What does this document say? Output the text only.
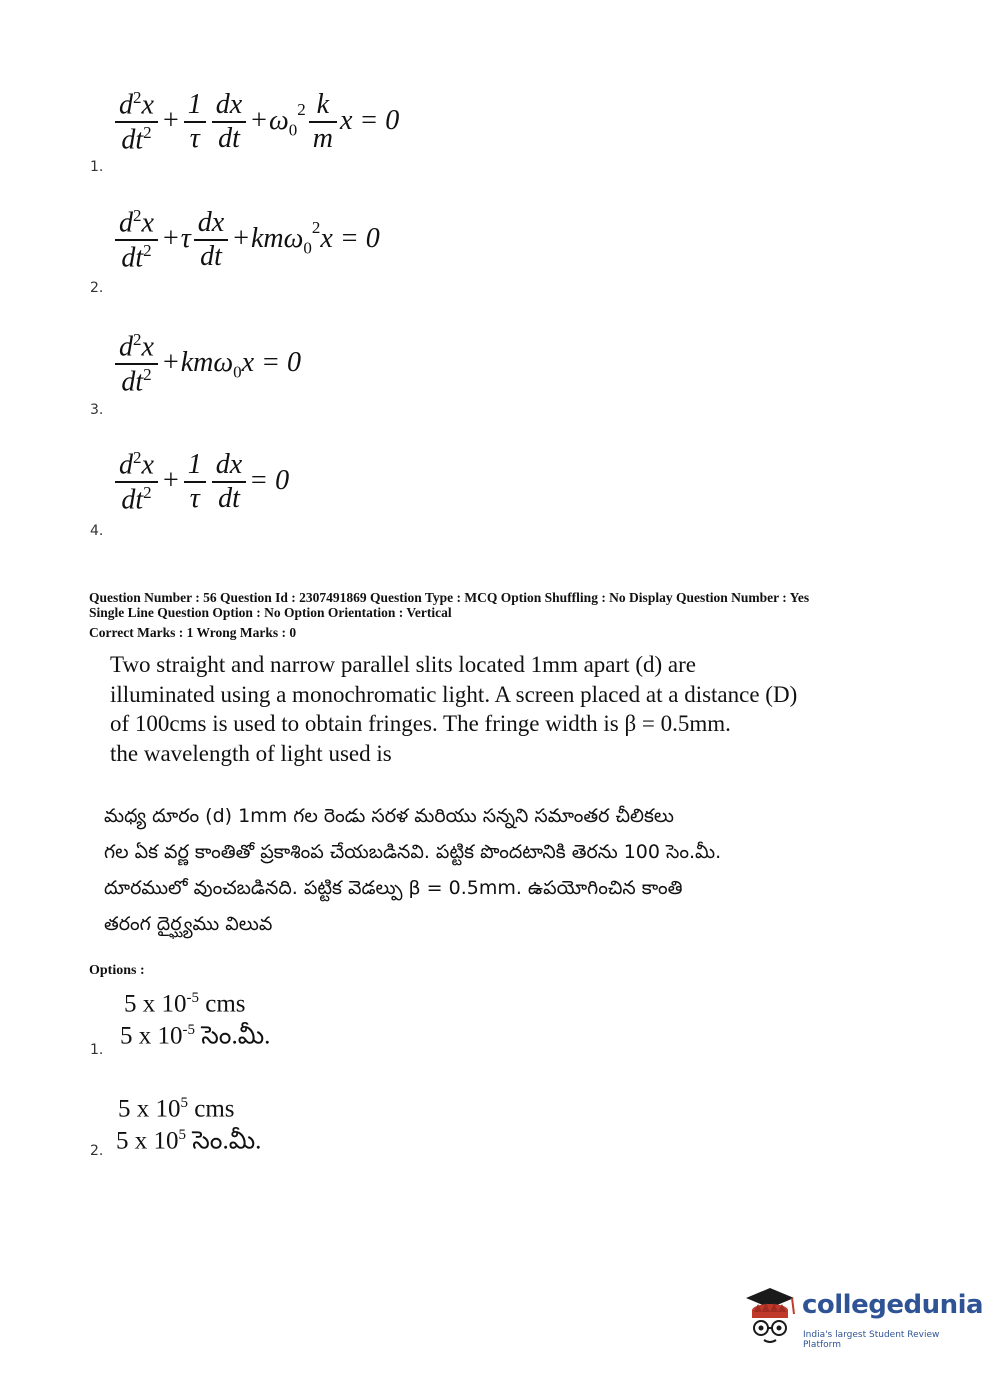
$\frac{d^2x}{dt^2} + \frac{1}{\tau} \frac{dx}{dt} +\omega_0^2 \frac{k}{m}$ x = 0
1.
$\frac{d^2x}{dt^2} +\tau \frac{dx}{dt} +km\omega_0^2x = 0$
2.
$\frac{d^2x}{dt^2} +km\omega_0x = 0$
3.
$\frac{d^2x}{dt^2} + \frac{1}{\tau} \frac{dx}{dt} = 0$
4.
Question Number : 56 Question Id : 2307491869 Question Type : MCQ Option Shuffling : No Display Question Number : Yes
Single Line Question Option : No Option Orientation : Vertical
Correct Marks : 1 Wrong Marks : 0
Two straight and narrow parallel slits located 1mm apart (d) are
illuminated using a monochromatic light. A screen placed at a distance (D)
of 100cms is used to obtain fringes. The fringe width is β = 0.5mm.
the wavelength of light used is
మధ్య దూరం (d) 1mm గల రెండు సరళ మరియు సన్నని సమాంతర చీలికలు
గల ఏక వర్ణ కాంతితో ప్రకాశింప చేయబడినవి. పట్టిక పొందటానికి తెరను 100 సెం.మీ.
దూరములో వుంచబడినది. పట్టిక వెడల్పు β = 0.5mm. ఉపయోగించిన కాంతి
తరంగ దైర్ఘ్యము విలువ
Options :
5 x $10^{-5}$ cms
5 x $10^{-5}$ సెం.మీ.
1.
5 x $10^5$ cms
5 x $10^5$ సెం.మీ.
2.
collegedunia
India's largest Student Review Platform
